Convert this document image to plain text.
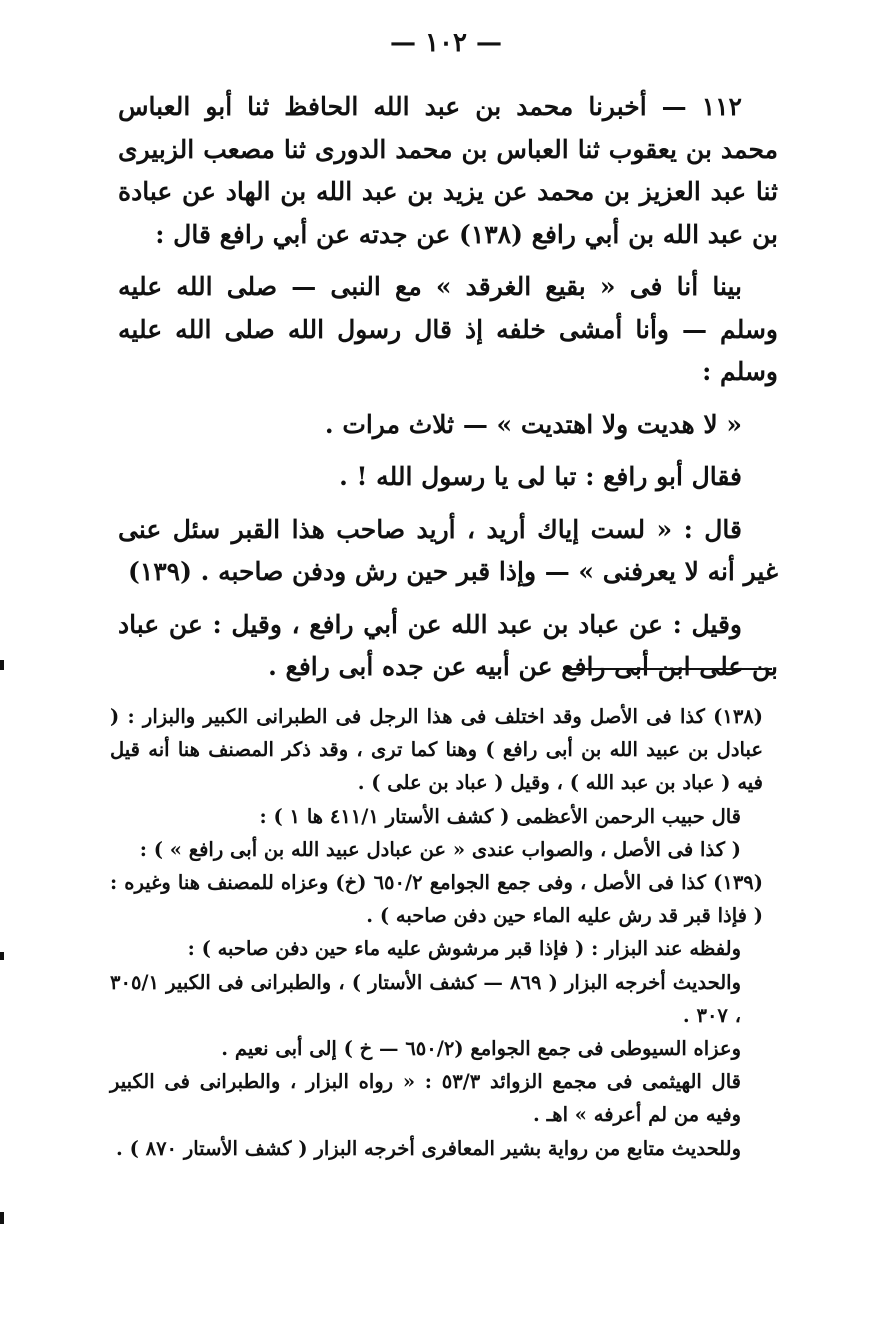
— ١٠٢ —

١١٢ — أخبرنا محمد بن عبد الله الحافظ ثنا أبو العباس محمد بن يعقوب ثنا العباس بن محمد الدورى ثنا مصعب الزبيرى ثنا عبد العزيز بن محمد عن يزيد بن عبد الله بن الهاد عن عبادة بن عبد الله بن أبي رافع (١٣٨) عن جدته عن أبي رافع قال :

بينا أنا فى « بقيع الغرقد » مع النبى — صلى الله عليه وسلم — وأنا أمشى خلفه إذ قال رسول الله صلى الله عليه وسلم :

« لا هديت ولا اهتديت » — ثلاث مرات .

فقال أبو رافع : تبا لى يا رسول الله ! .

قال : « لست إياك أريد ، أريد صاحب هذا القبر سئل عنى غير أنه لا يعرفنى » — وإذا قبر حين رش ودفن صاحبه . (١٣٩)

وقيل : عن عباد بن عبد الله عن أبي رافع ، وقيل : عن عباد بن على ابن أبى رافع عن أبيه عن جده أبى رافع .

(١٣٨) كذا فى الأصل وقد اختلف فى هذا الرجل فى الطبرانى الكبير والبزار : ( عبادل بن عبيد الله بن أبى رافع ) وهنا كما ترى ، وقد ذكر المصنف هنا أنه قيل فيه ( عباد بن عبد الله ) ، وقيل ( عباد بن على ) .

قال حبيب الرحمن الأعظمى ( كشف الأستار ٤١١/١ ها ١ ) :

( كذا فى الأصل ، والصواب عندى « عن عبادل عبيد الله بن أبى رافع » ) :

(١٣٩) كذا فى الأصل ، وفى جمع الجوامع ٦٥٠/٢ (خ) وعزاه للمصنف هنا وغيره : ( فإذا قبر قد رش عليه الماء حين دفن صاحبه ) .

ولفظه عند البزار : ( فإذا قبر مرشوش عليه ماء حين دفن صاحبه ) :

والحديث أخرجه البزار ( ٨٦٩ — كشف الأستار ) ، والطبرانى فى الكبير ٣٠٥/١ ، ٣٠٧ .

وعزاه السيوطى فى جمع الجوامع (٦٥٠/٢ — خ ) إلى أبى نعيم .

قال الهيثمى فى مجمع الزوائد ٥٣/٣ : « رواه البزار ، والطبرانى فى الكبير وفيه من لم أعرفه » اهـ .

وللحديث متابع من رواية بشير المعافرى أخرجه البزار ( كشف الأستار ٨٧٠ ) .
